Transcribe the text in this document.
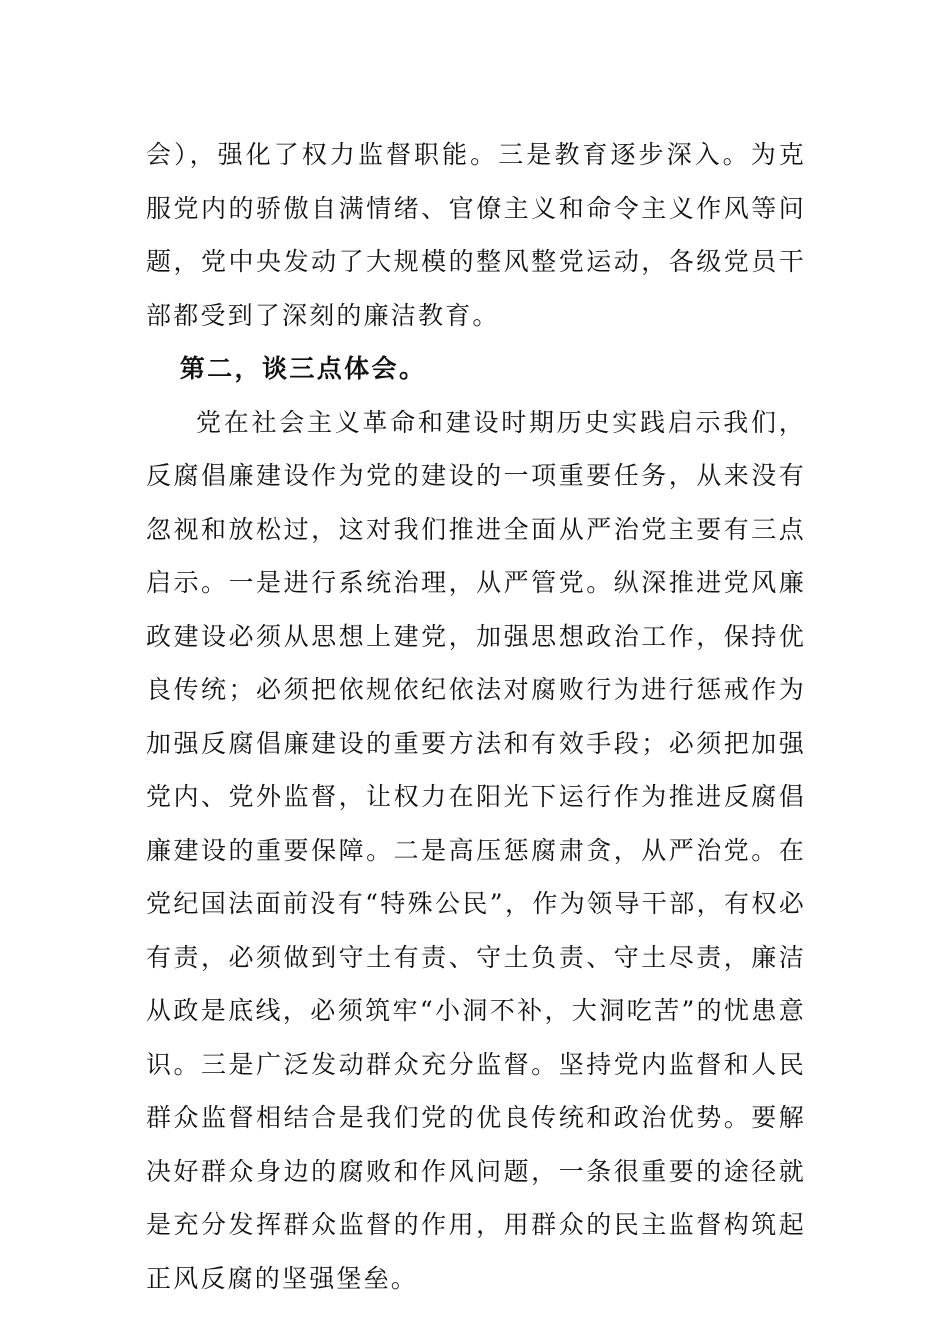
会），强化了权力监督职能。三是教育逐步深入。为克服党内的骄傲自满情绪、官僚主义和命令主义作风等问题，党中央发动了大规模的整风整党运动，各级党员干部都受到了深刻的廉洁教育。

第二，谈三点体会。

党在社会主义革命和建设时期历史实践启示我们，反腐倡廉建设作为党的建设的一项重要任务，从来没有忽视和放松过，这对我们推进全面从严治党主要有三点启示。一是进行系统治理，从严管党。纵深推进党风廉政建设必须从思想上建党，加强思想政治工作，保持优良传统；必须把依规依纪依法对腐败行为进行惩戒作为加强反腐倡廉建设的重要方法和有效手段；必须把加强党内、党外监督，让权力在阳光下运行作为推进反腐倡廉建设的重要保障。二是高压惩腐肃贪，从严治党。在党纪国法面前没有“特殊公民”，作为领导干部，有权必有责，必须做到守土有责、守土负责、守土尽责，廉洁从政是底线，必须筑牢“小洞不补，大洞吃苦”的忧患意识。三是广泛发动群众充分监督。坚持党内监督和人民群众监督相结合是我们党的优良传统和政治优势。要解决好群众身边的腐败和作风问题，一条很重要的途径就是充分发挥群众监督的作用，用群众的民主监督构筑起正风反腐的坚强堡垒。
